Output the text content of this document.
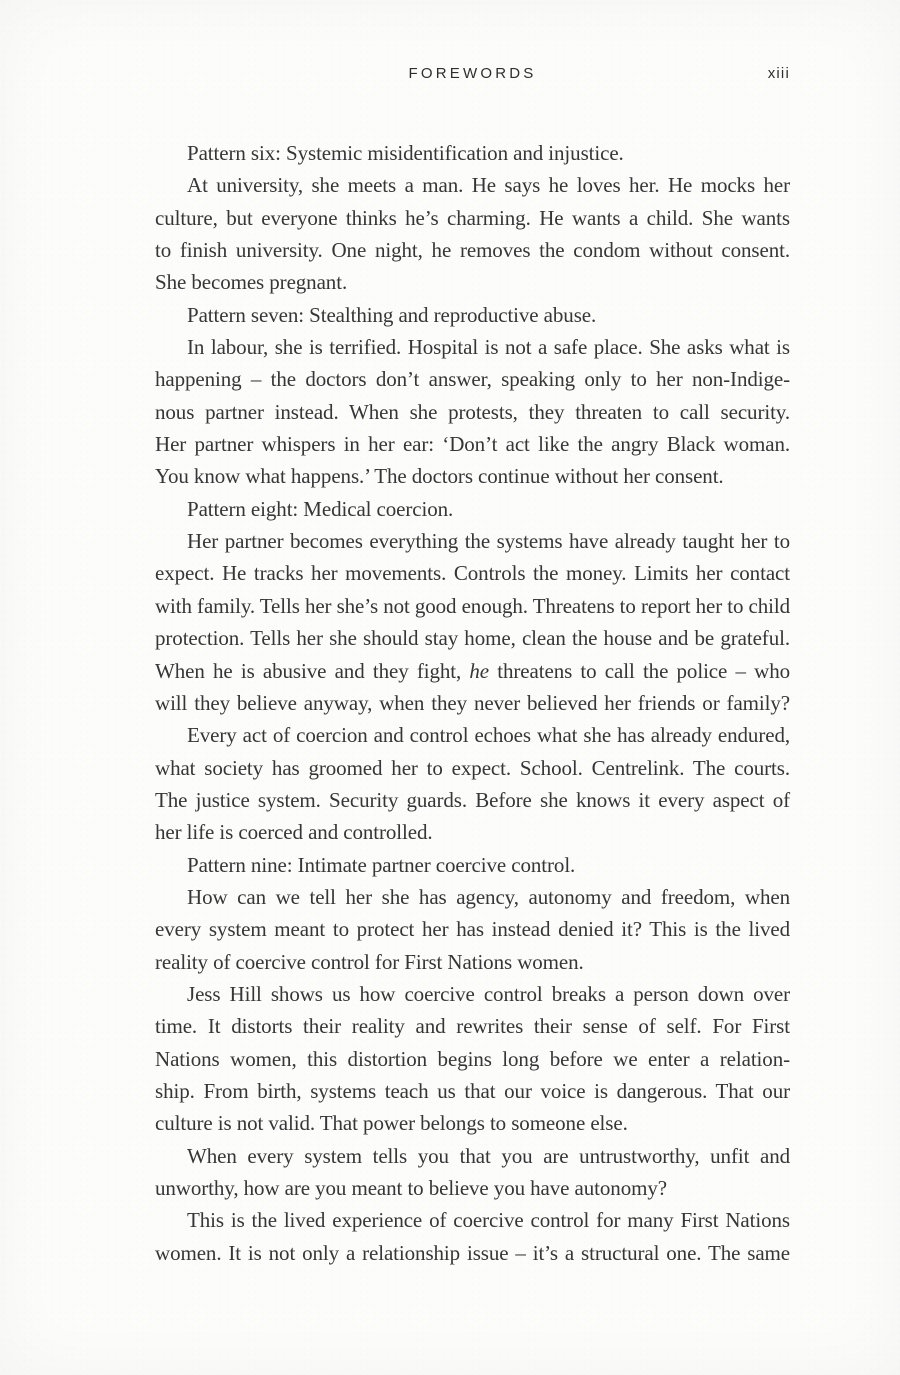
FOREWORDS	xiii
Pattern six: Systemic misidentification and injustice.
At university, she meets a man. He says he loves her. He mocks her
culture, but everyone thinks he’s charming. He wants a child. She wants
to finish university. One night, he removes the condom without consent.
She becomes pregnant.
Pattern seven: Stealthing and reproductive abuse.
In labour, she is terrified. Hospital is not a safe place. She asks what is
happening – the doctors don’t answer, speaking only to her non-Indige-
nous partner instead. When she protests, they threaten to call security.
Her partner whispers in her ear: ‘Don’t act like the angry Black woman.
You know what happens.’ The doctors continue without her consent.
Pattern eight: Medical coercion.
Her partner becomes everything the systems have already taught her to
expect. He tracks her movements. Controls the money. Limits her contact
with family. Tells her she’s not good enough. Threatens to report her to child
protection. Tells her she should stay home, clean the house and be grateful.
When he is abusive and they fight, he threatens to call the police – who
will they believe anyway, when they never believed her friends or family?
Every act of coercion and control echoes what she has already endured,
what society has groomed her to expect. School. Centrelink. The courts.
The justice system. Security guards. Before she knows it every aspect of
her life is coerced and controlled.
Pattern nine: Intimate partner coercive control.
How can we tell her she has agency, autonomy and freedom, when
every system meant to protect her has instead denied it? This is the lived
reality of coercive control for First Nations women.
Jess Hill shows us how coercive control breaks a person down over
time. It distorts their reality and rewrites their sense of self. For First
Nations women, this distortion begins long before we enter a relation-
ship. From birth, systems teach us that our voice is dangerous. That our
culture is not valid. That power belongs to someone else.
When every system tells you that you are untrustworthy, unfit and
unworthy, how are you meant to believe you have autonomy?
This is the lived experience of coercive control for many First Nations
women. It is not only a relationship issue – it’s a structural one. The same
